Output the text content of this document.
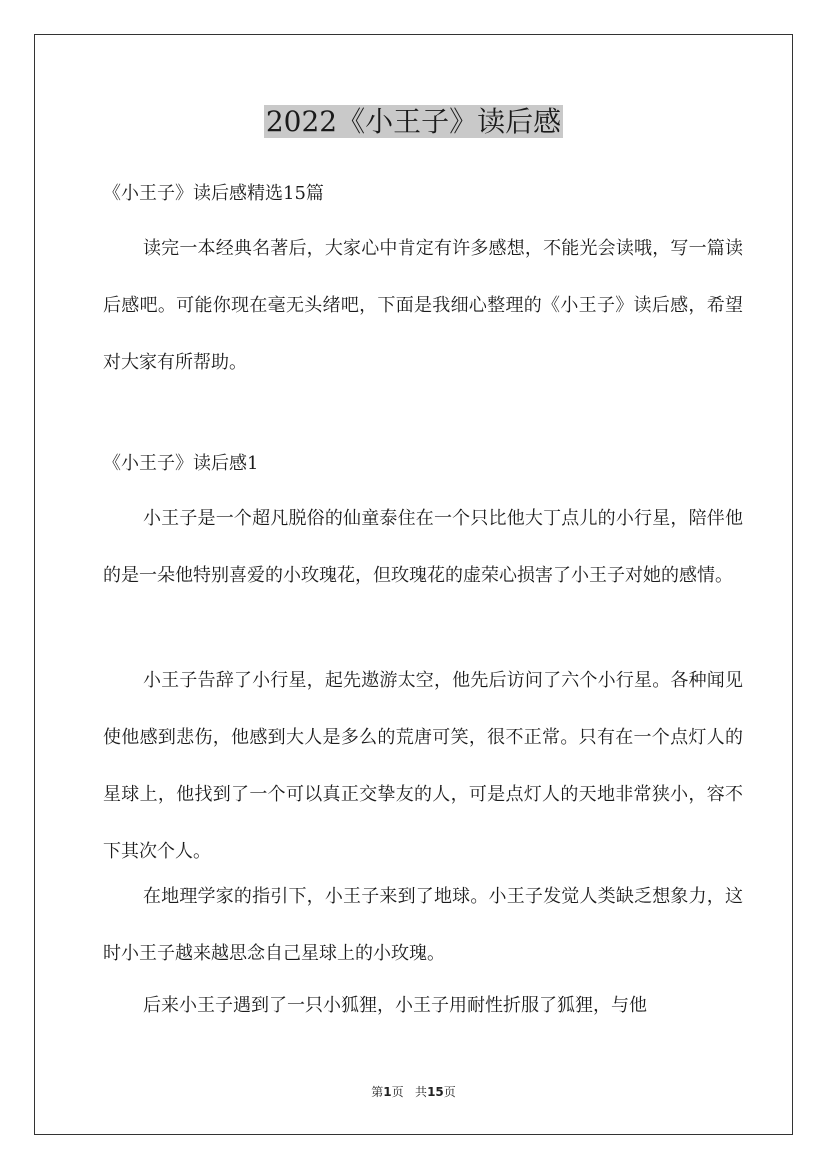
2022《小王子》读后感

《小王子》读后感精选15篇

读完一本经典名著后，大家心中肯定有许多感想，不能光会读哦，写一篇读后感吧。可能你现在毫无头绪吧，下面是我细心整理的《小王子》读后感，希望对大家有所帮助。

《小王子》读后感1

小王子是一个超凡脱俗的仙童泰住在一个只比他大丁点儿的小行星，陪伴他的是一朵他特别喜爱的小玫瑰花，但玫瑰花的虚荣心损害了小王子对她的感情。

小王子告辞了小行星，起先遨游太空，他先后访问了六个小行星。各种闻见使他感到悲伤，他感到大人是多么的荒唐可笑，很不正常。只有在一个点灯人的星球上，他找到了一个可以真正交挚友的人，可是点灯人的天地非常狭小，容不下其次个人。

在地理学家的指引下，小王子来到了地球。小王子发觉人类缺乏想象力，这时小王子越来越思念自己星球上的小玫瑰。

后来小王子遇到了一只小狐狸，小王子用耐性折服了狐狸，与他

第1页 共15页
